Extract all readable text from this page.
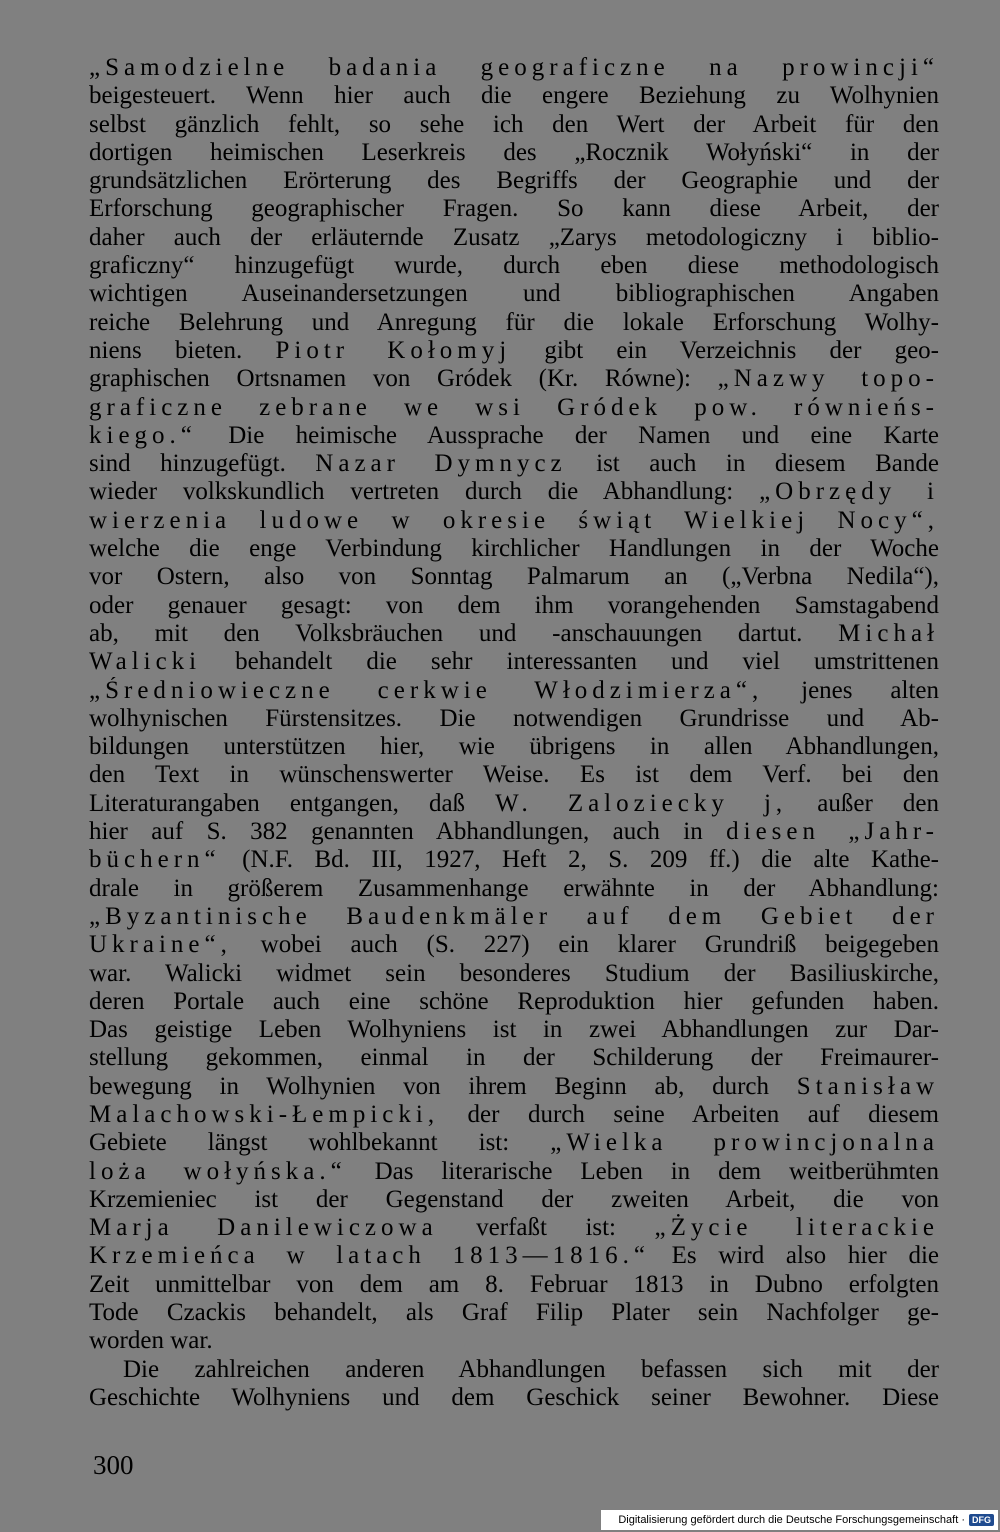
„Samodzielne badania geograficzne na prowincji“
beigesteuert. Wenn hier auch die engere Beziehung zu Wolhynien
selbst gänzlich fehlt, so sehe ich den Wert der Arbeit für den
dortigen heimischen Leserkreis des „Rocznik Wołyński“ in der
grundsätzlichen Erörterung des Begriffs der Geographie und der
Erforschung geographischer Fragen. So kann diese Arbeit, der
daher auch der erläuternde Zusatz „Zarys metodologiczny i biblio-
graficzny“ hinzugefügt wurde, durch eben diese methodologisch
wichtigen Auseinandersetzungen und bibliographischen Angaben
reiche Belehrung und Anregung für die lokale Erforschung Wolhy-
niens bieten. Piotr Kołomyj gibt ein Verzeichnis der geo-
graphischen Ortsnamen von Gródek (Kr. Równe): „Nazwy topo-
graficzne zebrane we wsi Gródek pow. równieńs-
kiego.“ Die heimische Aussprache der Namen und eine Karte
sind hinzugefügt. Nazar Dymnycz ist auch in diesem Bande
wieder volkskundlich vertreten durch die Abhandlung: „Obrzędy i
wierzenia ludowe w okresie świąt Wielkiej Nocy“,
welche die enge Verbindung kirchlicher Handlungen in der Woche
vor Ostern, also von Sonntag Palmarum an („Verbna Nedila“),
oder genauer gesagt: von dem ihm vorangehenden Samstagabend
ab, mit den Volksbräuchen und -anschauungen dartut. Michał
Walicki behandelt die sehr interessanten und viel umstrittenen
„Średniowieczne cerkwie Włodzimierza“, jenes alten
wolhynischen Fürstensitzes. Die notwendigen Grundrisse und Ab-
bildungen unterstützen hier, wie übrigens in allen Abhandlungen,
den Text in wünschenswerter Weise. Es ist dem Verf. bei den
Literaturangaben entgangen, daß W. Zaloziecky j, außer den
hier auf S. 382 genannten Abhandlungen, auch in diesen „Jahr-
büchern“ (N.F. Bd. III, 1927, Heft 2, S. 209 ff.) die alte Kathe-
drale in größerem Zusammenhange erwähnte in der Abhandlung:
„Byzantinische Baudenkmäler auf dem Gebiet der
Ukraine“, wobei auch (S. 227) ein klarer Grundriß beigegeben
war. Walicki widmet sein besonderes Studium der Basiliuskirche,
deren Portale auch eine schöne Reproduktion hier gefunden haben.
Das geistige Leben Wolhyniens ist in zwei Abhandlungen zur Dar-
stellung gekommen, einmal in der Schilderung der Freimaurer-
bewegung in Wolhynien von ihrem Beginn ab, durch Stanisław
Malachowski-Łempicki, der durch seine Arbeiten auf diesem
Gebiete längst wohlbekannt ist: „Wielka prowincjonalna
loża wołyńska.“ Das literarische Leben in dem weitberühmten
Krzemieniec ist der Gegenstand der zweiten Arbeit, die von
Marja Danilewiczowa verfaßt ist: „Życie literackie
Krzemieńca w latach 1813—1816.“ Es wird also hier die
Zeit unmittelbar von dem am 8. Februar 1813 in Dubno erfolgten
Tode Czackis behandelt, als Graf Filip Plater sein Nachfolger ge-
worden war.
Die zahlreichen anderen Abhandlungen befassen sich mit der
Geschichte Wolhyniens und dem Geschick seiner Bewohner. Diese
300
Digitalisierung gefördert durch die Deutsche Forschungsgemeinschaft · DFG
